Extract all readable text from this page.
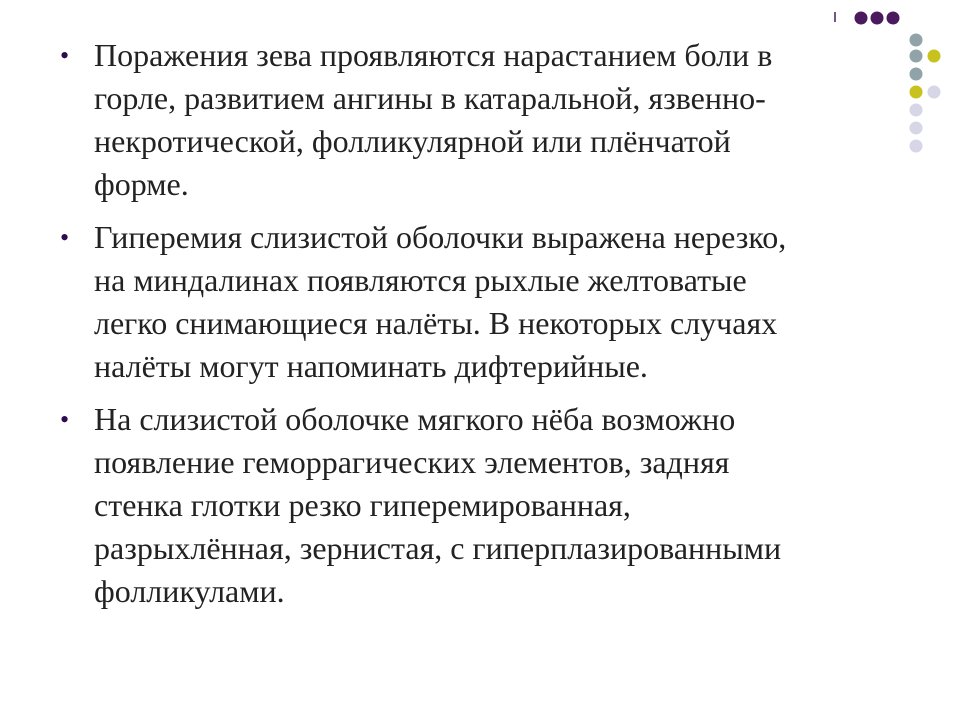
• Поражения зева проявляются нарастанием боли в
горле, развитием ангины в катаральной, язвенно-
некротической, фолликулярной или плёнчатой
форме.
• Гиперемия слизистой оболочки выражена нерезко,
на миндалинах появляются рыхлые желтоватые
легко снимающиеся налёты. В некоторых случаях
налёты могут напоминать дифтерийные.
• На слизистой оболочке мягкого нёба возможно
появление геморрагических элементов, задняя
стенка глотки резко гиперемированная,
разрыхлённая, зернистая, с гиперплазированными
фолликулами.
